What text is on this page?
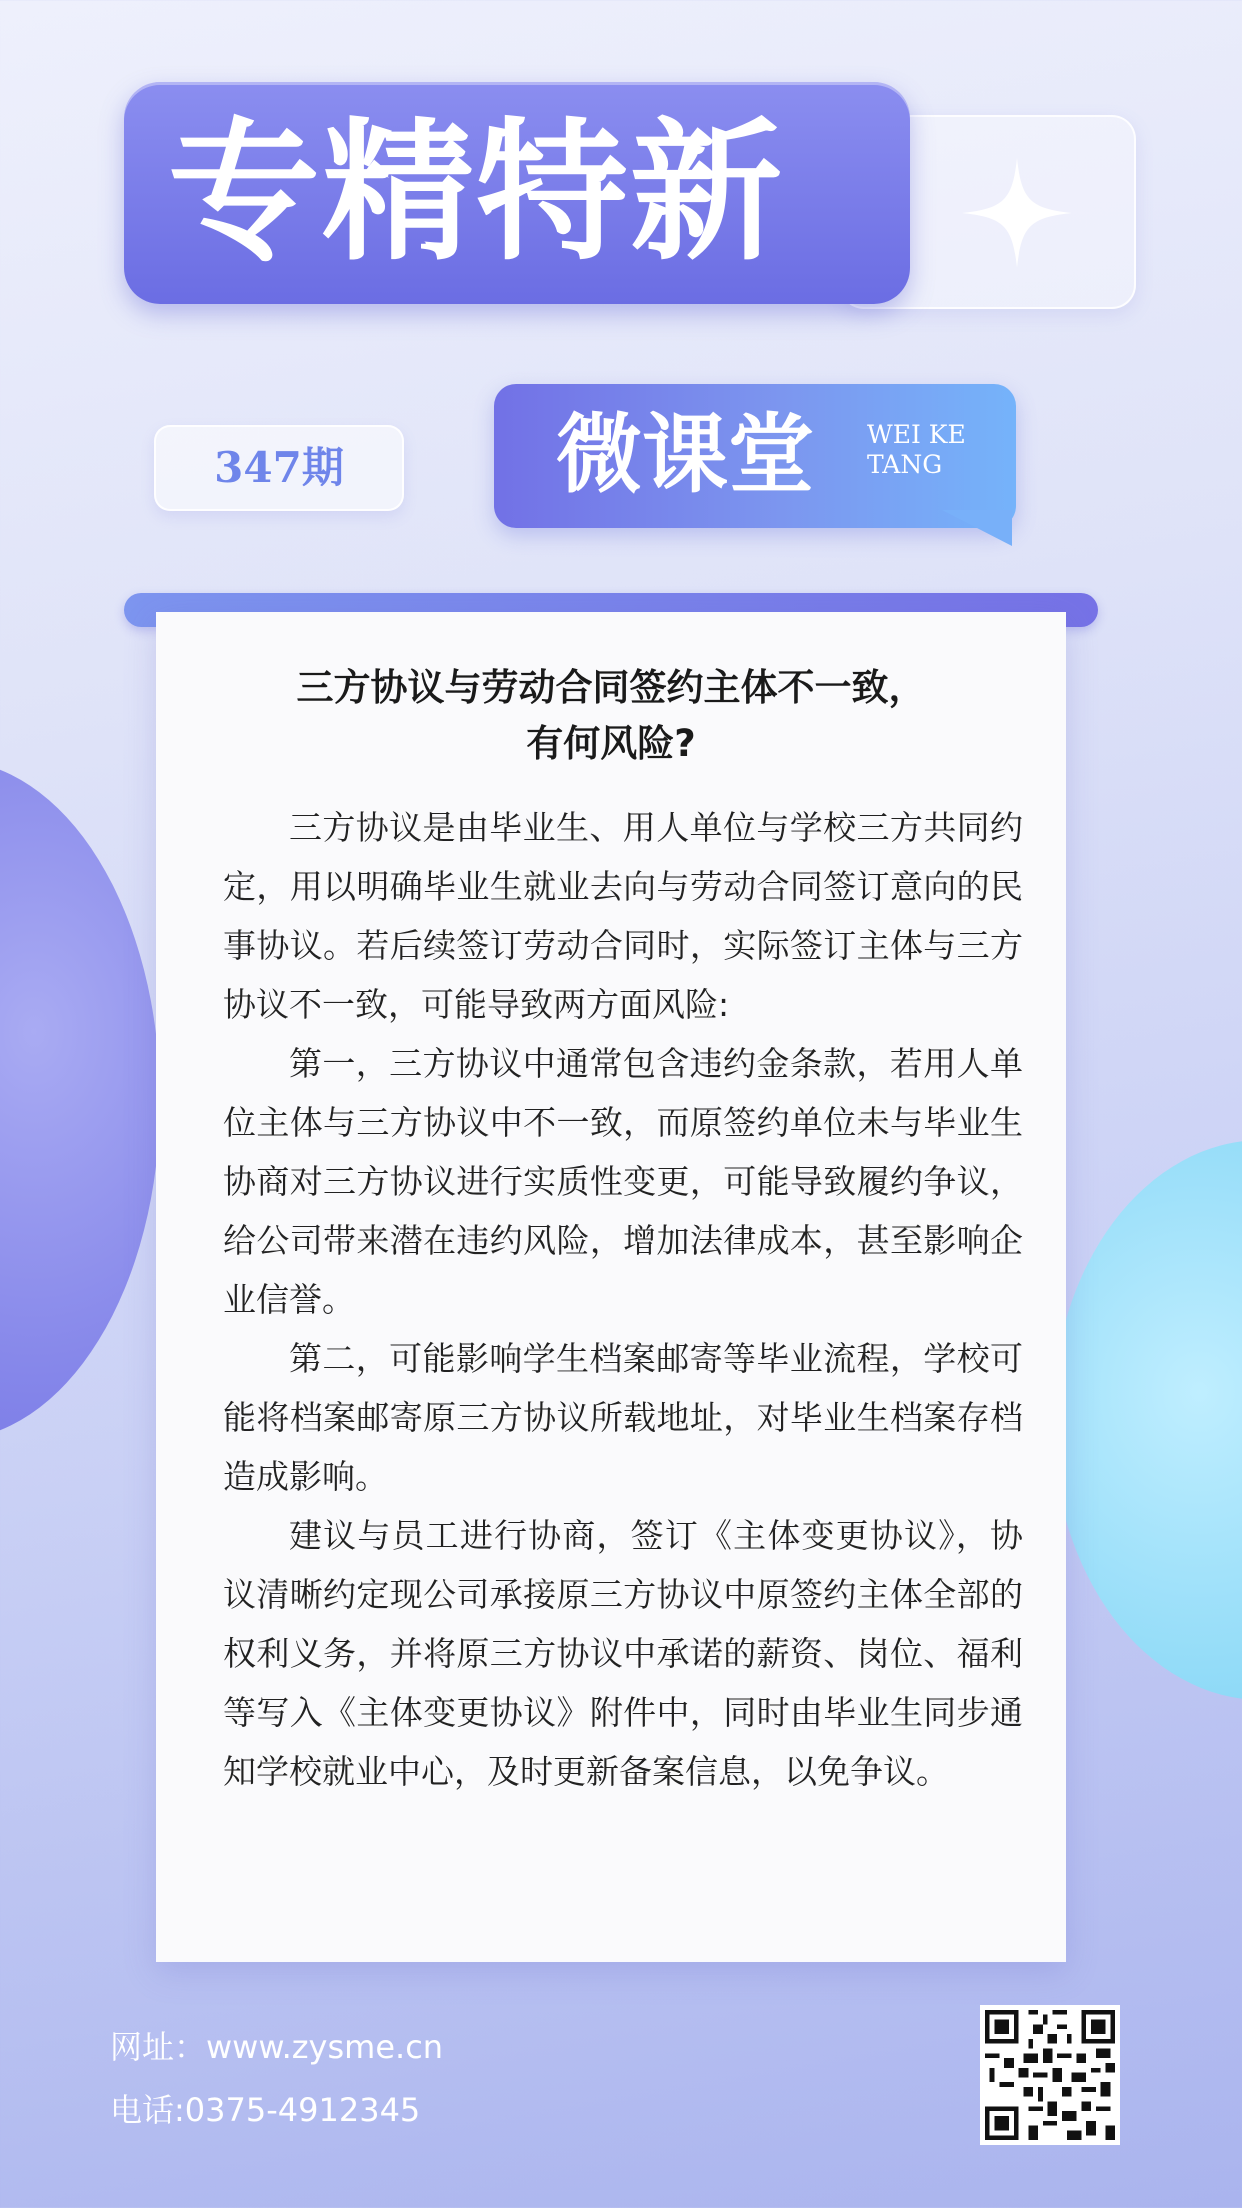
专精特新
347期	微课堂 WEI KE
TANG
三方协议与劳动合同签约主体不一致，
有何风险?

三方协议是由毕业生、用人单位与学校三方共同约定，用以明确毕业生就业去向与劳动合同签订意向的民事协议。若后续签订劳动合同时，实际签订主体与三方协议不一致，可能导致两方面风险:

第一，三方协议中通常包含违约金条款，若用人单位主体与三方协议中不一致，而原签约单位未与毕业生协商对三方协议进行实质性变更，可能导致履约争议，给公司带来潜在违约风险，增加法律成本，甚至影响企业信誉。

第二，可能影响学生档案邮寄等毕业流程，学校可能将档案邮寄原三方协议所载地址，对毕业生档案存档造成影响。

建议与员工进行协商，签订《主体变更协议》，协议清晰约定现公司承接原三方协议中原签约主体全部的权利义务，并将原三方协议中承诺的薪资、岗位、福利等写入《主体变更协议》附件中，同时由毕业生同步通知学校就业中心，及时更新备案信息，以免争议。

网址：www.zysme.cn
电话:0375-4912345
